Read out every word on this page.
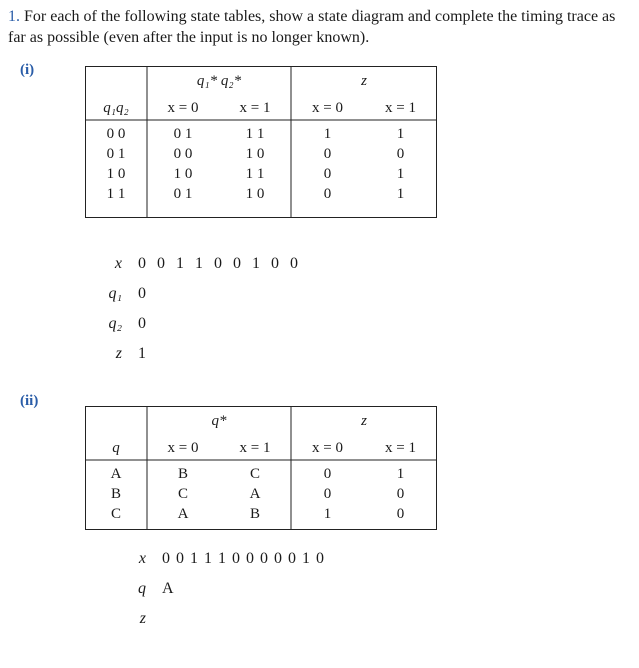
1. For each of the following state tables, show a state diagram and complete the timing trace as far as possible (even after the input is no longer known).
(i)
	q₁* q₂*		z	
q₁q₂	x = 0	x = 1	x = 0	x = 1

0 0	0 1	1 1	1	1
0 1	0 0	1 0	0	0
1 0	1 0	1 1	0	1
1 1	0 1	1 0	0	1
x	0  0  1  1  0  0  1  0  0
q₁	0
q₂	0
z	1
(ii)
	q*		z	
q	x = 0	x = 1	x = 0	x = 1

A	B	C	0	1
B	C	A	0	0
C	A	B	1	0
x	0 0 1 1 1 0 0 0 0 0 1 0
q	A
z	
